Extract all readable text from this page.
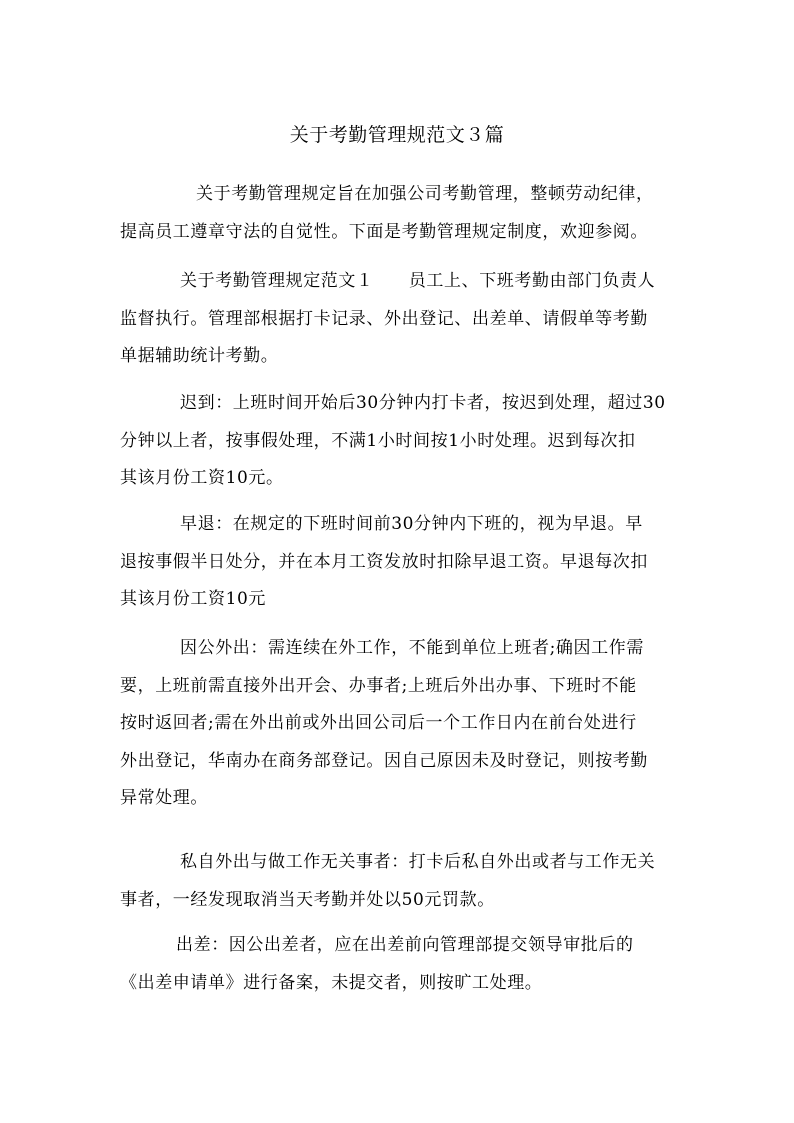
关于考勤管理规范文３篇
关于考勤管理规定旨在加强公司考勤管理，整顿劳动纪律，
提高员工遵章守法的自觉性。下面是考勤管理规定制度，欢迎参阅。
关于考勤管理规定范文１　　员工上、下班考勤由部门负责人
监督执行。管理部根据打卡记录、外出登记、出差单、请假单等考勤
单据辅助统计考勤。
迟到：上班时间开始后30分钟内打卡者，按迟到处理，超过30
分钟以上者，按事假处理，不满1小时间按1小时处理。迟到每次扣
其该月份工资10元。
早退：在规定的下班时间前30分钟内下班的，视为早退。早
退按事假半日处分，并在本月工资发放时扣除早退工资。早退每次扣
其该月份工资10元
因公外出：需连续在外工作，不能到单位上班者;确因工作需
要，上班前需直接外出开会、办事者;上班后外出办事、下班时不能
按时返回者;需在外出前或外出回公司后一个工作日内在前台处进行
外出登记，华南办在商务部登记。因自己原因未及时登记，则按考勤
异常处理。
私自外出与做工作无关事者：打卡后私自外出或者与工作无关
事者，一经发现取消当天考勤并处以50元罚款。
出差：因公出差者，应在出差前向管理部提交领导审批后的
《出差申请单》进行备案，未提交者，则按旷工处理。
